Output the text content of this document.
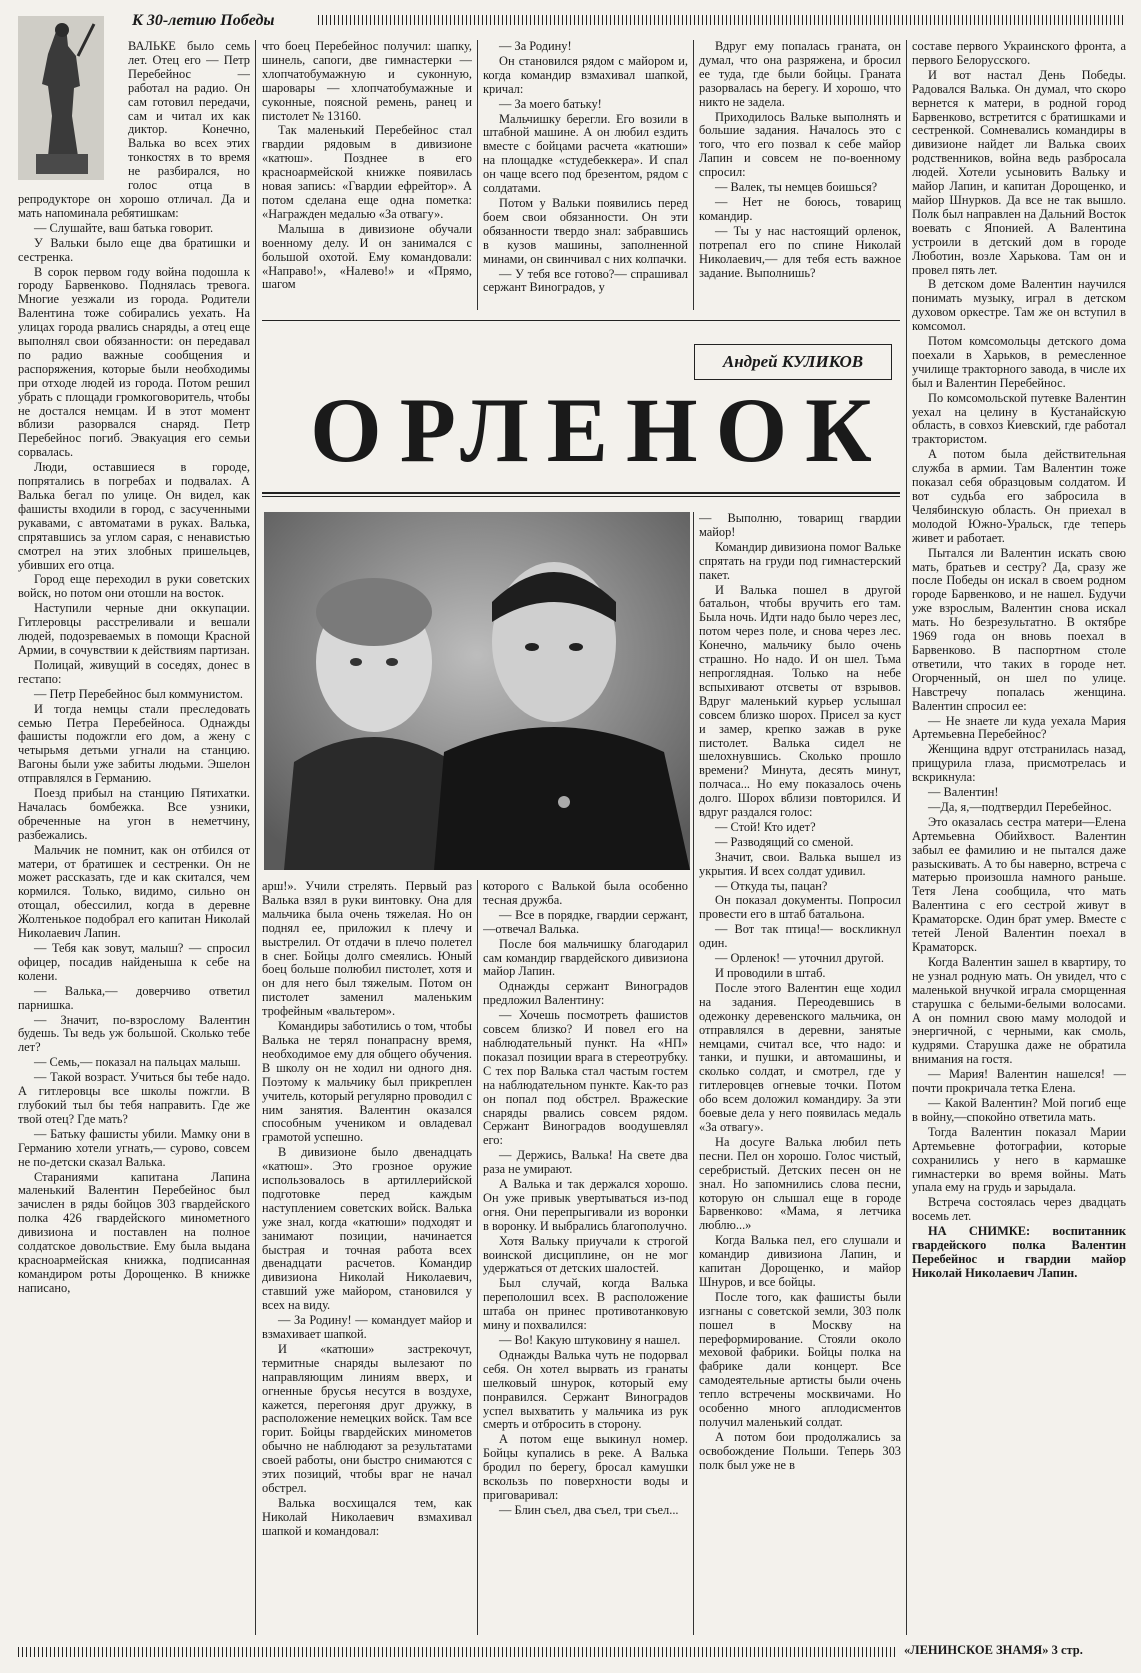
К 30-летию Победы
Андрей КУЛИКОВ
ОРЛЕНОК

ВАЛЬКЕ было семь лет. Отец его — Петр Перебейнос — работал на радио. Он сам готовил передачи, сам и читал их как диктор. Конечно, Валька во всех этих тонкостях в то время не разбирался, но голос отца в репродукторе он хорошо отличал. Да и мать напоминала ребятишкам:

— Слушайте, ваш батька говорит.

У Вальки было еще два братишки и сестренка.

В сорок первом году война подошла к городу Барвенково. Поднялась тревога. Многие уезжали из города. Родители Валентина тоже собирались уехать. На улицах города рвались снаряды, а отец еще выполнял свои обязанности: он передавал по радио важные сообщения и распоряжения, которые были необходимы при отходе людей из города. Потом решил убрать с площади громкоговоритель, чтобы не достался немцам. И в этот момент вблизи разорвался снаряд. Петр Перебейнос погиб. Эвакуация его семьи сорвалась.

Люди, оставшиеся в городе, попрятались в погребах и подвалах. А Валька бегал по улице. Он видел, как фашисты входили в город, с засученными рукавами, с автоматами в руках. Валька, спрятавшись за углом сарая, с ненавистью смотрел на этих злобных пришельцев, убивших его отца.

Город еще переходил в руки советских войск, но потом они отошли на восток.

Наступили черные дни оккупации. Гитлеровцы расстреливали и вешали людей, подозреваемых в помощи Красной Армии, в сочувствии к действиям партизан.

Полицай, живущий в соседях, донес в гестапо:

— Петр Перебейнос был коммунистом.

И тогда немцы стали преследовать семью Петра Перебейноса. Однажды фашисты подожгли его дом, а жену с четырьмя детьми угнали на станцию. Вагоны были уже забиты людьми. Эшелон отправлялся в Германию.

Поезд прибыл на станцию Пятихатки. Началась бомбежка. Все узники, обреченные на угон в неметчину, разбежались.

Мальчик не помнит, как он отбился от матери, от братишек и сестренки. Он не может рассказать, где и как скитался, чем кормился. Только, видимо, сильно он отощал, обессилил, когда в деревне Жолтенькое подобрал его капитан Николай Николаевич Лапин.

— Тебя как зовут, малыш? — спросил офицер, посадив найденыша к себе на колени.

— Валька,— доверчиво ответил парнишка.

— Значит, по-взрослому Валентин будешь. Ты ведь уж большой. Сколько тебе лет?

— Семь,— показал на пальцах малыш.

— Такой возраст. Учиться бы тебе надо. А гитлеровцы все школы пожгли. В глубокий тыл бы тебя направить. Где же твой отец? Где мать?

— Батьку фашисты убили. Мамку они в Германию хотели угнать,— сурово, совсем не по-детски сказал Валька.

Стараниями капитана Лапина маленький Валентин Перебейнос был зачислен в ряды бойцов 303 гвардейского полка 426 гвардейского минометного дивизиона и поставлен на полное солдатское довольствие. Ему была выдана красноармейская книжка, подписанная командиром роты Дорощенко. В книжке написано,

что боец Перебейнос получил: шапку, шинель, сапоги, две гимнастерки — хлопчатобумажную и суконную, шаровары — хлопчатобумажные и суконные, поясной ремень, ранец и пистолет № 13160.

Так маленький Перебейнос стал гвардии рядовым в дивизионе «катюш». Позднее в его красноармейской книжке появилась новая запись: «Гвардии ефрейтор». А потом сделана еще одна пометка: «Награжден медалью «За отвагу».

Малыша в дивизионе обучали военному делу. И он занимался с большой охотой. Ему командовали: «Направо!», «Налево!» и «Прямо, шагом

— За Родину!

Он становился рядом с майором и, когда командир взмахивал шапкой, кричал:

— За моего батьку!

Мальчишку берегли. Его возили в штабной машине. А он любил ездить вместе с бойцами расчета «катюши» на площадке «студебеккера». И спал он чаще всего под брезентом, рядом с солдатами.

Потом у Вальки появились перед боем свои обязанности. Он эти обязанности твердо знал: забравшись в кузов машины, заполненной минами, он свинчивал с них колпачки.

— У тебя все готово?— спрашивал сержант Виноградов, у

Вдруг ему попалась граната, он думал, что она разряжена, и бросил ее туда, где были бойцы. Граната разорвалась на берегу. И хорошо, что никто не задела.

Приходилось Вальке выполнять и большие задания. Началось это с того, что его позвал к себе майор Лапин и совсем не по-военному спросил:

— Валек, ты немцев боишься?

— Нет не боюсь, товарищ командир.

— Ты у нас настоящий орленок, потрепал его по спине Николай Николаевич,— для тебя есть важное задание. Выполнишь?

составе первого Украинского фронта, а первого Белорусского.

И вот настал День Победы. Радовался Валька. Он думал, что скоро вернется к матери, в родной город Барвенково, встретится с братишками и сестренкой. Сомневались командиры в дивизионе найдет ли Валька своих родственников, война ведь разбросала людей. Хотели усыновить Вальку и майор Лапин, и капитан Дорощенко, и майор Шнурков. Да все не так вышло. Полк был направлен на Дальний Восток воевать с Японией. А Валентина устроили в детский дом в городе Люботин, возле Харькова. Там он и провел пять лет.

В детском доме Валентин научился понимать музыку, играл в детском духовом оркестре. Там же он вступил в комсомол.

Потом комсомольцы детского дома поехали в Харьков, в ремесленное училище тракторного завода, в числе их был и Валентин Перебейнос.

По комсомольской путевке Валентин уехал на целину в Кустанайскую область, в совхоз Киевский, где работал трактористом.

А потом была действительная служба в армии. Там Валентин тоже показал себя образцовым солдатом. И вот судьба его забросила в Челябинскую область. Он приехал в молодой Южно-Уральск, где теперь живет и работает.

Пытался ли Валентин искать свою мать, братьев и сестру? Да, сразу же после Победы он искал в своем родном городе Барвенково, и не нашел. Будучи уже взрослым, Валентин снова искал мать. Но безрезультатно. В октябре 1969 года он вновь поехал в Барвенково. В паспортном столе ответили, что таких в городе нет. Огорченный, он шел по улице. Навстречу попалась женщина. Валентин спросил ее:

— Не знаете ли куда уехала Мария Артемьевна Перебейнос?

Женщина вдруг отстранилась назад, прищурила глаза, присмотрелась и вскрикнула:

— Валентин!

—Да, я,—подтвердил Перебейнос.

Это оказалась сестра матери—Елена Артемьевна Обийхвост. Валентин забыл ее фамилию и не пытался даже разыскивать. А то бы наверно, встреча с матерью произошла намного раньше. Тетя Лена сообщила, что мать Валентина с его сестрой живут в Краматорске. Один брат умер. Вместе с тетей Леной Валентин поехал в Краматорск.

Когда Валентин зашел в квартиру, то не узнал родную мать. Он увидел, что с маленькой внучкой играла сморщенная старушка с белыми-белыми волосами. А он помнил свою маму молодой и энергичной, с черными, как смоль, кудрями. Старушка даже не обратила внимания на гостя.

— Мария! Валентин нашелся! — почти прокричала тетка Елена.

— Какой Валентин? Мой погиб еще в войну,—спокойно ответила мать.

Тогда Валентин показал Марии Артемьевне фотографии, которые сохранились у него в кармашке гимнастерки во время войны. Мать упала ему на грудь и зарыдала.

Встреча состоялась через двадцать восемь лет.

НА СНИМКЕ: воспитанник гвардейского полка Валентин Перебейнос и гвардии майор Николай Николаевич Лапин.

— Выполню, товарищ гвардии майор!

Командир дивизиона помог Вальке спрятать на груди под гимнастерский пакет.

И Валька пошел в другой батальон, чтобы вручить его там. Была ночь. Идти надо было через лес, потом через поле, и снова через лес. Конечно, мальчику было очень страшно. Но надо. И он шел. Тьма непроглядная. Только на небе вспыхивают отсветы от взрывов. Вдруг маленький курьер услышал совсем близко шорох. Присел за куст и замер, крепко зажав в руке пистолет. Валька сидел не шелохнувшись. Сколько прошло времени? Минута, десять минут, полчаса... Но ему показалось очень долго. Шорох вблизи повторился. И вдруг раздался голос:

— Стой! Кто идет?

— Разводящий со сменой.

Значит, свои. Валька вышел из укрытия. И всех солдат удивил.

— Откуда ты, пацан?

Он показал документы. Попросил провести его в штаб батальона.

— Вот так птица!— воскликнул один.

— Орленок! — уточнил другой.

И проводили в штаб.

После этого Валентин еще ходил на задания. Переодевшись в одежонку деревенского мальчика, он отправлялся в деревни, занятые немцами, считал все, что надо: и танки, и пушки, и автомашины, и сколько солдат, и смотрел, где у гитлеровцев огневые точки. Потом обо всем доложил командиру. За эти боевые дела у него появилась медаль «За отвагу».

На досуге Валька любил петь песни. Пел он хорошо. Голос чистый, серебристый. Детских песен он не знал. Но запомнились слова песни, которую он слышал еще в городе Барвенково: «Мама, я летчика люблю...»

Когда Валька пел, его слушали и командир дивизиона Лапин, и капитан Дорощенко, и майор Шнуров, и все бойцы.

После того, как фашисты были изгнаны с советской земли, 303 полк пошел в Москву на переформирование. Стояли около меховой фабрики. Бойцы полка на фабрике дали концерт. Все самодеятельные артисты были очень тепло встречены москвичами. Но особенно много аплодисментов получил маленький солдат.

А потом бои продолжались за освобождение Польши. Теперь 303 полк был уже не в

арш!». Учили стрелять. Первый раз Валька взял в руки винтовку. Она для мальчика была очень тяжелая. Но он поднял ее, приложил к плечу и выстрелил. От отдачи в плечо полетел в снег. Бойцы долго смеялись. Юный боец больше полюбил пистолет, хотя и он для него был тяжелым. Потом он пистолет заменил маленьким трофейным «вальтером».

Командиры заботились о том, чтобы Валька не терял понапрасну время, необходимое ему для общего обучения. В школу он не ходил ни одного дня. Поэтому к мальчику был прикреплен учитель, который регулярно проводил с ним занятия. Валентин оказался способным учеником и овладевал грамотой успешно.

В дивизионе было двенадцать «катюш». Это грозное оружие использовалось в артиллерийской подготовке перед каждым наступлением советских войск. Валька уже знал, когда «катюши» подходят и занимают позиции, начинается быстрая и точная работа всех двенадцати расчетов. Командир дивизиона Николай Николаевич, ставший уже майором, становился у всех на виду.

— За Родину! — командует майор и взмахивает шапкой.

И «катюши» застрекочут, термитные снаряды вылезают по направляющим линиям вверх, и огненные брусья несутся в воздухе, кажется, перегоняя друг дружку, в расположение немецких войск. Там все горит. Бойцы гвардейских минометов обычно не наблюдают за результатами своей работы, они быстро снимаются с этих позиций, чтобы враг не начал обстрел.

Валька восхищался тем, как Николай Николаевич взмахивал шапкой и командовал:

которого с Валькой была особенно тесная дружба.

— Все в порядке, гвардии сержант,—отвечал Валька.

После боя мальчишку благодарил сам командир гвардейского дивизиона майор Лапин.

Однажды сержант Виноградов предложил Валентину:

— Хочешь посмотреть фашистов совсем близко? И повел его на наблюдательный пункт. На «НП» показал позиции врага в стереотрубку. С тех пор Валька стал частым гостем на наблюдательном пункте. Как-то раз он попал под обстрел. Вражеские снаряды рвались совсем рядом. Сержант Виноградов воодушевлял его:

— Держись, Валька! На свете два раза не умирают.

А Валька и так держался хорошо. Он уже привык увертываться из-под огня. Они перепрыгивали из воронки в воронку. И выбрались благополучно.

Хотя Вальку приучали к строгой воинской дисциплине, он не мог удержаться от детских шалостей.

Был случай, когда Валька переполошил всех. В расположение штаба он принес противотанковую мину и похвалился:

— Во! Какую штуковину я нашел.

Однажды Валька чуть не подорвал себя. Он хотел вырвать из гранаты шелковый шнурок, который ему понравился. Сержант Виноградов успел выхватить у мальчика из рук смерть и отбросить в сторону.

А потом еще выкинул номер. Бойцы купались в реке. А Валька бродил по берегу, бросал камушки вскользь по поверхности воды и приговаривал:

— Блин съел, два съел, три съел...

«ЛЕНИНСКОЕ ЗНАМЯ» 3 стр.
